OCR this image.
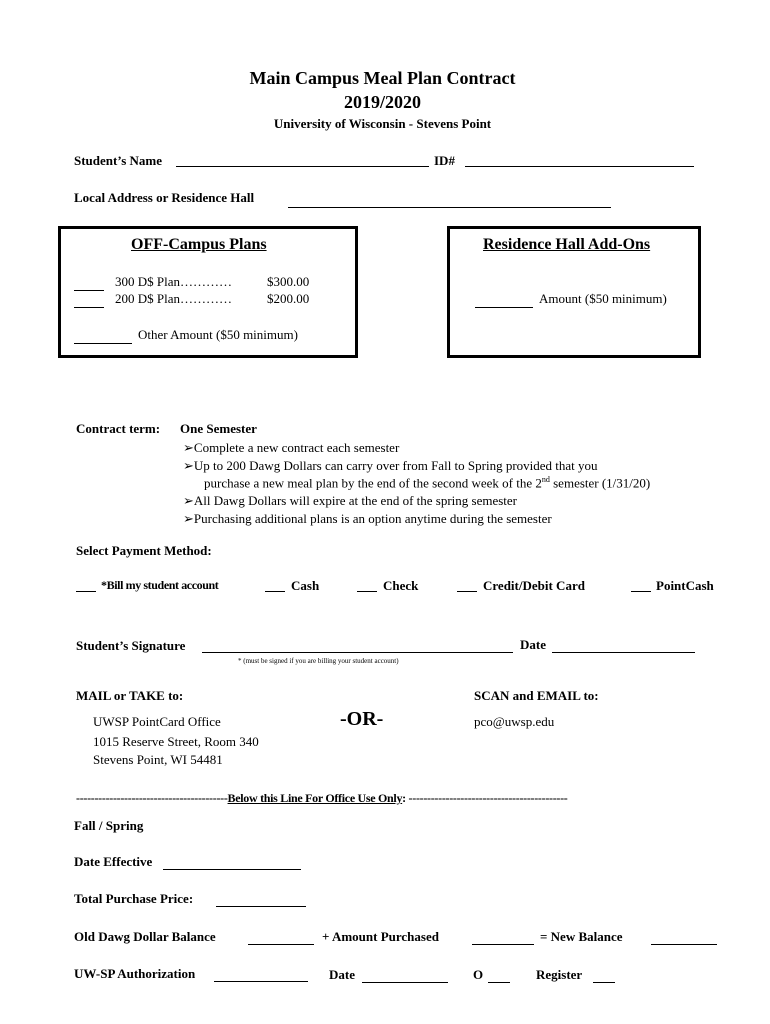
Main Campus Meal Plan Contract
2019/2020
University of Wisconsin - Stevens Point
Student’s Name	ID#
Local Address or Residence Hall
OFF-Campus Plans
300 D$ Plan…………	$300.00
200 D$ Plan…………	$200.00
Other Amount ($50 minimum)
Residence Hall Add-Ons
Amount ($50 minimum)
Contract term: One Semester
➢Complete a new contract each semester
➢Up to 200 Dawg Dollars can carry over from Fall to Spring provided that you
purchase a new meal plan by the end of the second week of the 2nd semester (1/31/20)
➢All Dawg Dollars will expire at the end of the spring semester
➢Purchasing additional plans is an option anytime during the semester
Select Payment Method:
*Bill my student account	Cash	Check	Credit/Debit Card	PointCash
Student’s Signature	Date
* (must be signed if you are billing your student account)
MAIL or TAKE to:
UWSP PointCard Office
1015 Reserve Street, Room 340
Stevens Point, WI 54481
-OR-
SCAN and EMAIL to:
pco@uwsp.edu
-----------------------------------------Below this Line For Office Use Only: -------------------------------------------
Fall / Spring
Date Effective
Total Purchase Price:
Old Dawg Dollar Balance	+ Amount Purchased	= New Balance
UW-SP Authorization	Date	O	Register
